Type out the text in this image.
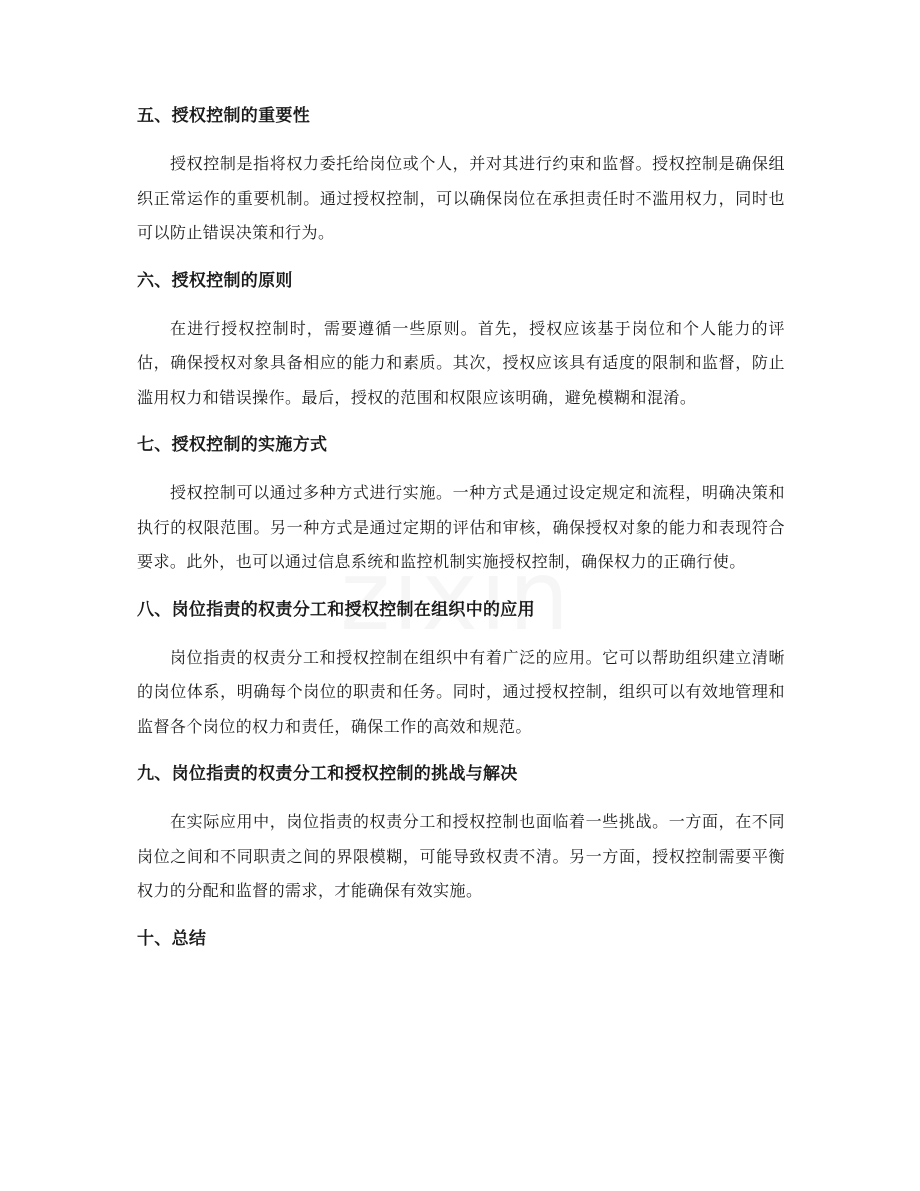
五、授权控制的重要性

授权控制是指将权力委托给岗位或个人，并对其进行约束和监督。授权控制是确保组织正常运作的重要机制。通过授权控制，可以确保岗位在承担责任时不滥用权力，同时也可以防止错误决策和行为。

六、授权控制的原则

在进行授权控制时，需要遵循一些原则。首先，授权应该基于岗位和个人能力的评估，确保授权对象具备相应的能力和素质。其次，授权应该具有适度的限制和监督，防止滥用权力和错误操作。最后，授权的范围和权限应该明确，避免模糊和混淆。

七、授权控制的实施方式

授权控制可以通过多种方式进行实施。一种方式是通过设定规定和流程，明确决策和执行的权限范围。另一种方式是通过定期的评估和审核，确保授权对象的能力和表现符合要求。此外，也可以通过信息系统和监控机制实施授权控制，确保权力的正确行使。

八、岗位指责的权责分工和授权控制在组织中的应用

岗位指责的权责分工和授权控制在组织中有着广泛的应用。它可以帮助组织建立清晰的岗位体系，明确每个岗位的职责和任务。同时，通过授权控制，组织可以有效地管理和监督各个岗位的权力和责任，确保工作的高效和规范。

九、岗位指责的权责分工和授权控制的挑战与解决

在实际应用中，岗位指责的权责分工和授权控制也面临着一些挑战。一方面，在不同岗位之间和不同职责之间的界限模糊，可能导致权责不清。另一方面，授权控制需要平衡权力的分配和监督的需求，才能确保有效实施。

十、总结
